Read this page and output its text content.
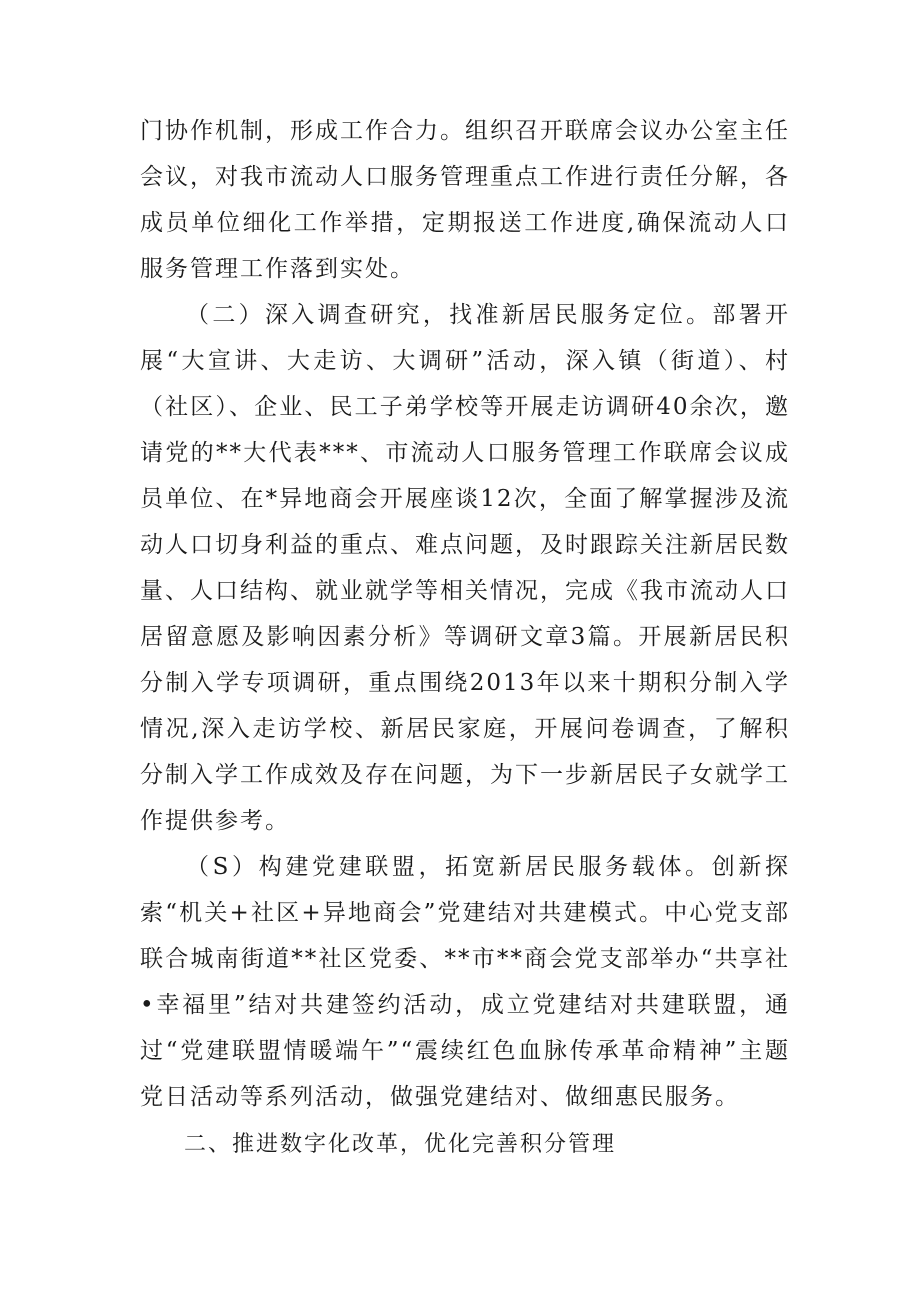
门协作机制，形成工作合力。组织召开联席会议办公室主任会议，对我市流动人口服务管理重点工作进行责任分解，各成员单位细化工作举措，定期报送工作进度,确保流动人口服务管理工作落到实处。

（二）深入调查研究，找准新居民服务定位。部署开展“大宣讲、大走访、大调研”活动，深入镇（街道）、村（社区）、企业、民工子弟学校等开展走访调研40余次，邀请党的**大代表***、市流动人口服务管理工作联席会议成员单位、在*异地商会开展座谈12次，全面了解掌握涉及流动人口切身利益的重点、难点问题，及时跟踪关注新居民数量、人口结构、就业就学等相关情况，完成《我市流动人口居留意愿及影响因素分析》等调研文章3篇。开展新居民积分制入学专项调研，重点围绕2013年以来十期积分制入学情况,深入走访学校、新居民家庭，开展问卷调查，了解积分制入学工作成效及存在问题，为下一步新居民子女就学工作提供参考。

（S）构建党建联盟，拓宽新居民服务载体。创新探索“机关+社区+异地商会”党建结对共建模式。中心党支部联合城南街道**社区党委、**市**商会党支部举办“共享社•幸福里”结对共建签约活动，成立党建结对共建联盟，通过“党建联盟情暖端午”“震续红色血脉传承革命精神”主题党日活动等系列活动，做强党建结对、做细惠民服务。

二、推进数字化改革，优化完善积分管理
